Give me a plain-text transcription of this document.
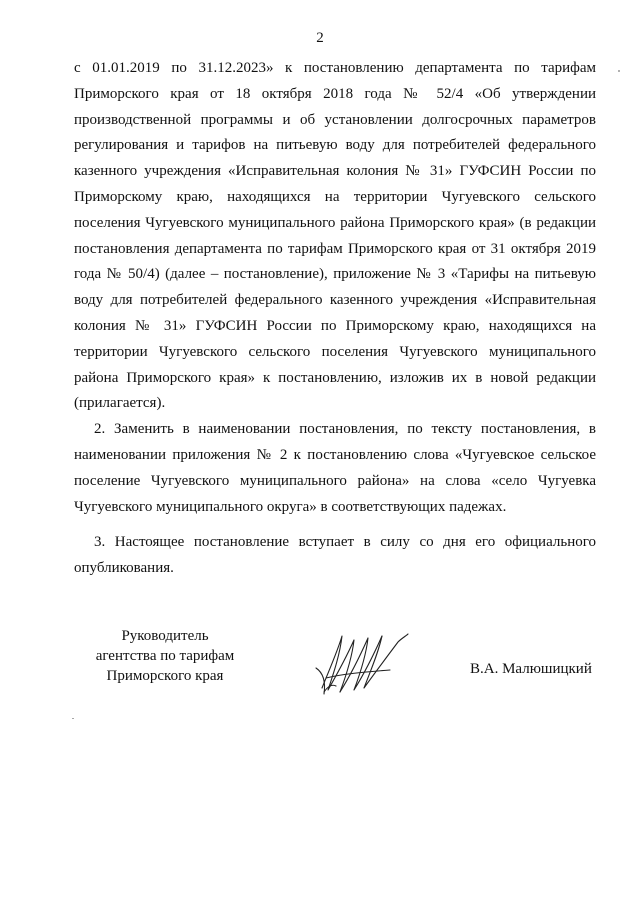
2

с 01.01.2019 по 31.12.2023» к постановлению департамента по тарифам Приморского края от 18 октября 2018 года № 52/4 «Об утверждении производственной программы и об установлении долгосрочных параметров регулирования и тарифов на питьевую воду для потребителей федерального казенного учреждения «Исправительная колония № 31» ГУФСИН России по Приморскому краю, находящихся на территории Чугуевского сельского поселения Чугуевского муниципального района Приморского края» (в редакции постановления департамента по тарифам Приморского края от 31 октября 2019 года № 50/4) (далее – постановление), приложение № 3 «Тарифы на питьевую воду для потребителей федерального казенного учреждения «Исправительная колония № 31» ГУФСИН России по Приморскому краю, находящихся на территории Чугуевского сельского поселения Чугуевского муниципального района Приморского края» к постановлению, изложив их в новой редакции (прилагается).

2. Заменить в наименовании постановления, по тексту постановления, в наименовании приложения № 2 к постановлению слова «Чугуевское сельское поселение Чугуевского муниципального района» на слова «село Чугуевка Чугуевского муниципального округа» в соответствующих падежах.

3. Настоящее постановление вступает в силу со дня его официального опубликования.

Руководитель
агентства по тарифам
Приморского края	В.А. Малюшицкий
